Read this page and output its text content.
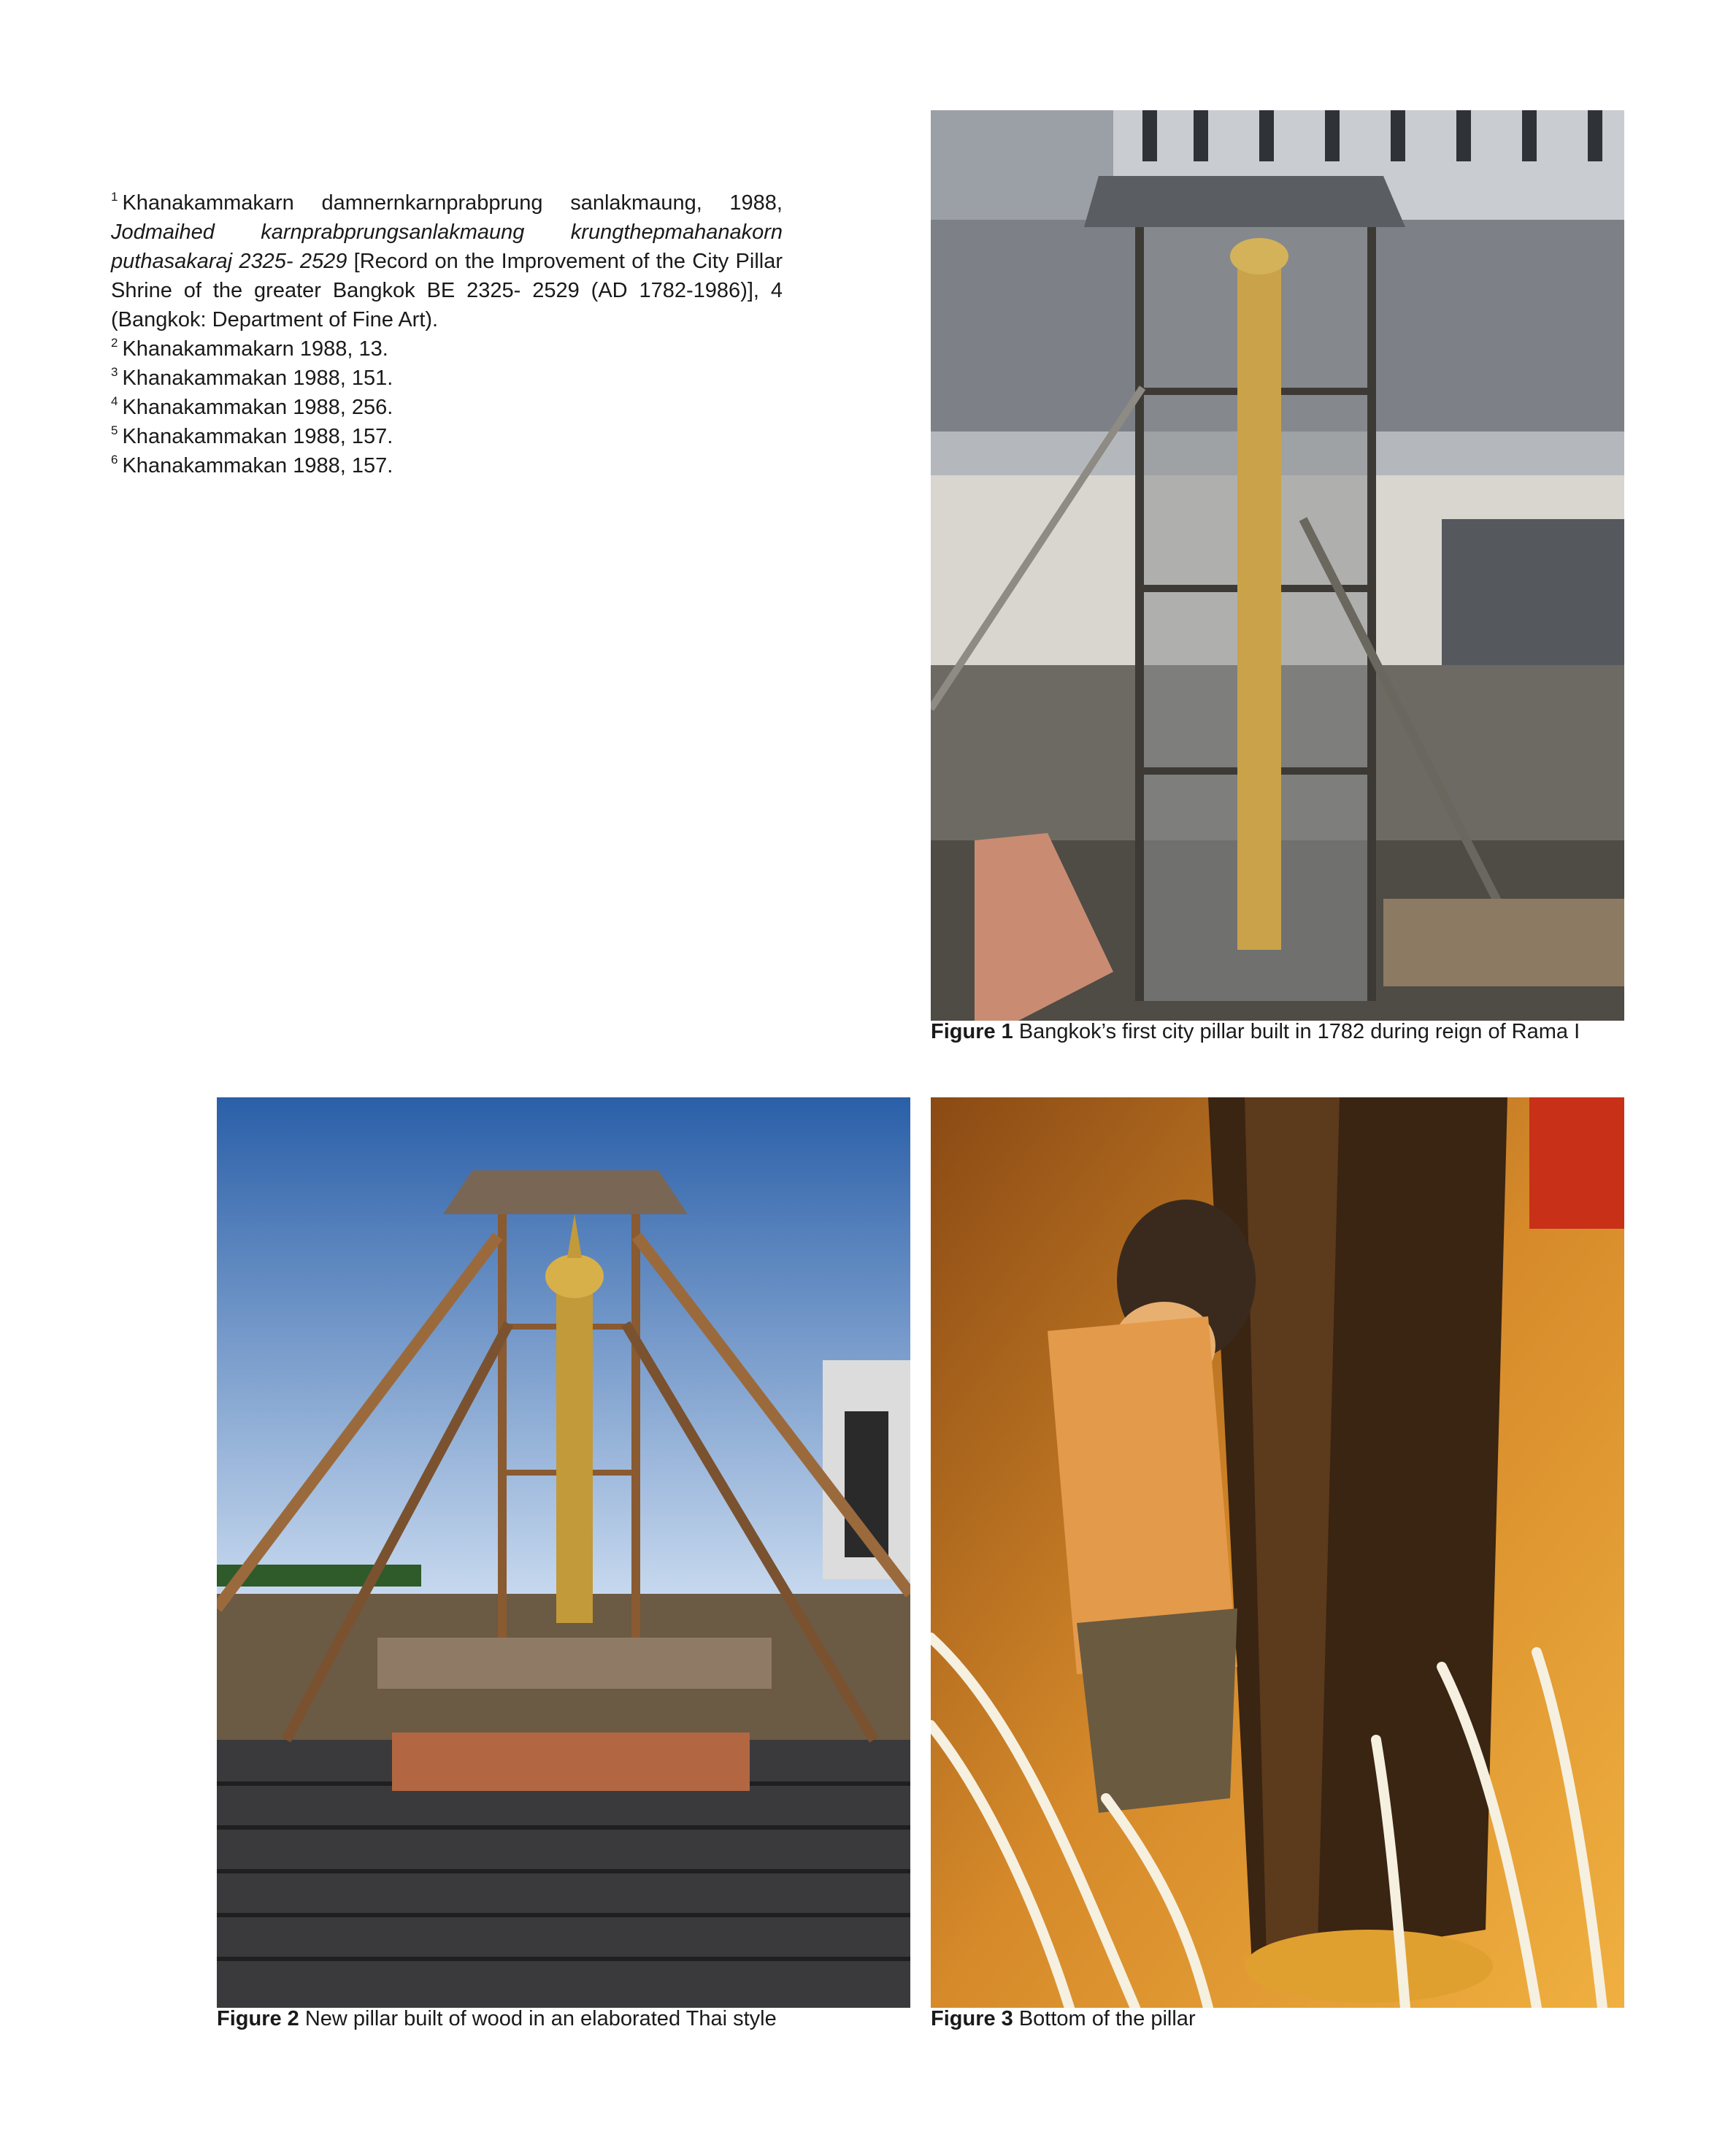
$^1$ Khanakammakarn damnernkarnprabprung sanlakmaung, 1988, Jodmaihed karnprabprungsanlakmaung krungthepmahanakorn puthasakaraj 2325- 2529 [Record on the Improvement of the City Pillar Shrine of the greater Bangkok BE 2325- 2529 (AD 1782-1986)], 4 (Bangkok: Department of Fine Art).

$^2$ Khanakammakarn 1988, 13.

$^3$ Khanakammakan 1988, 151.

$^4$ Khanakammakan 1988, 256.

$^5$ Khanakammakan 1988, 157.

$^6$ Khanakammakan 1988, 157.

Figure 1 Bangkok’s first city pillar built in 1782 during reign of Rama I

Figure 2 New pillar built of wood in an elaborated Thai style	Figure 3 Bottom of the pillar
